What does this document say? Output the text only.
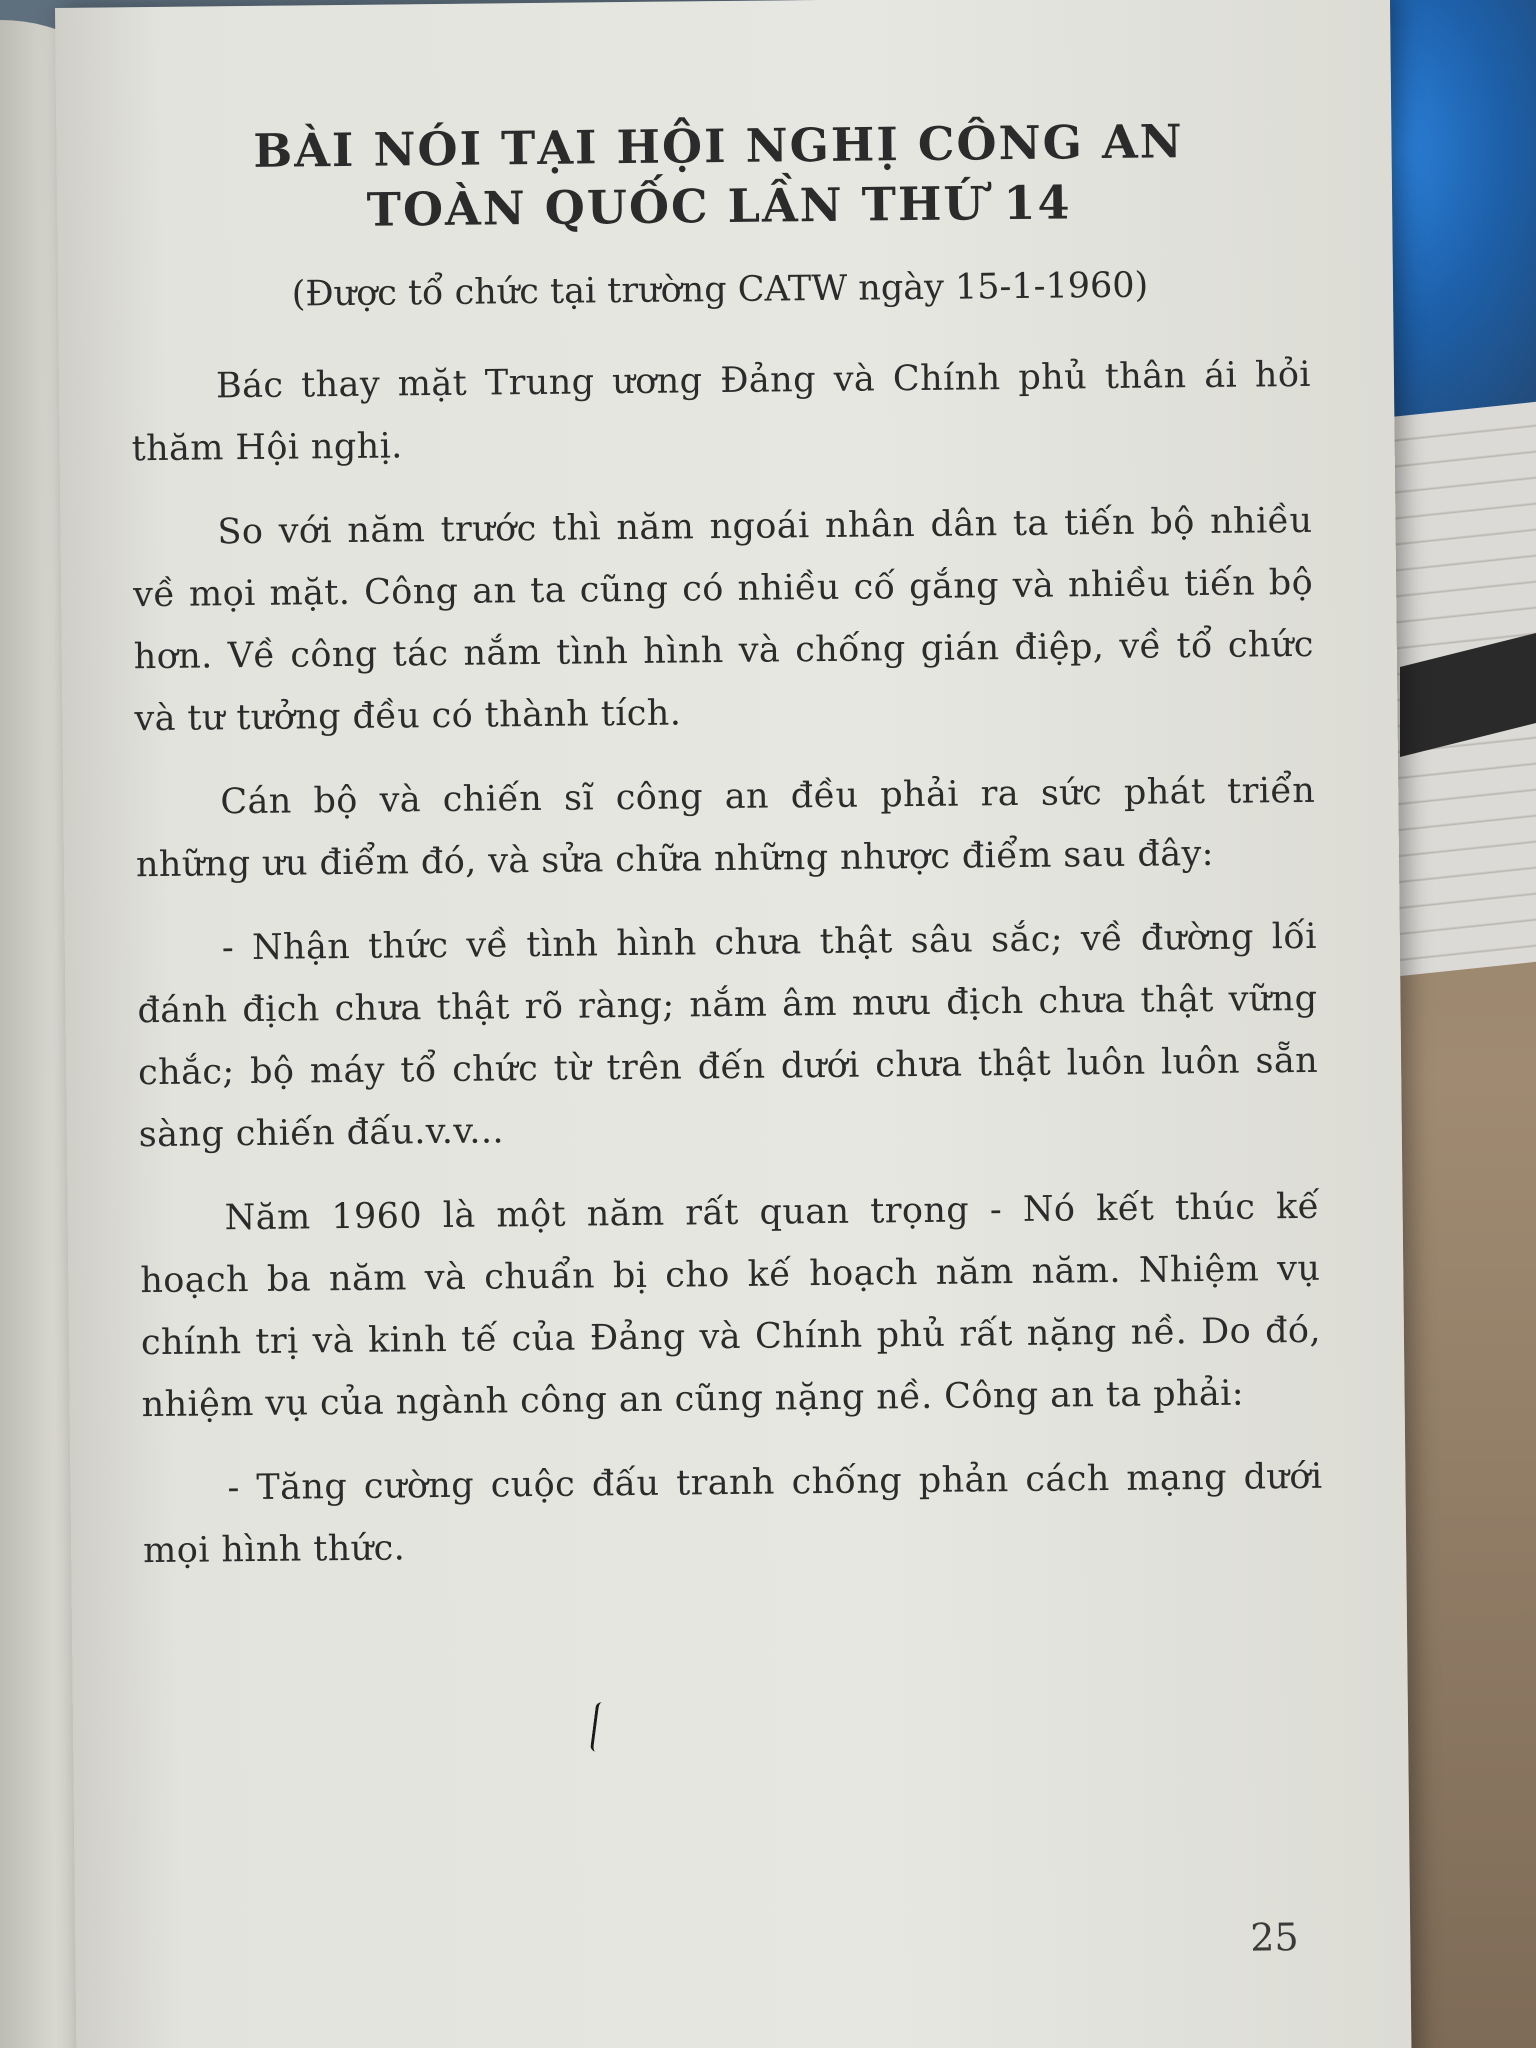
BÀI NÓI TẠI HỘI NGHỊ CÔNG AN
TOÀN QUỐC LẦN THỨ 14
(Được tổ chức tại trường CATW ngày 15-1-1960)

Bác thay mặt Trung ương Đảng và Chính phủ thân ái hỏi thăm Hội nghị.

So với năm trước thì năm ngoái nhân dân ta tiến bộ nhiều về mọi mặt. Công an ta cũng có nhiều cố gắng và nhiều tiến bộ hơn. Về công tác nắm tình hình và chống gián điệp, về tổ chức và tư tưởng đều có thành tích.

Cán bộ và chiến sĩ công an đều phải ra sức phát triển những ưu điểm đó, và sửa chữa những nhược điểm sau đây:

- Nhận thức về tình hình chưa thật sâu sắc; về đường lối đánh địch chưa thật rõ ràng; nắm âm mưu địch chưa thật vững chắc; bộ máy tổ chức từ trên đến dưới chưa thật luôn luôn sẵn sàng chiến đấu.v.v...

Năm 1960 là một năm rất quan trọng - Nó kết thúc kế hoạch ba năm và chuẩn bị cho kế hoạch năm năm. Nhiệm vụ chính trị và kinh tế của Đảng và Chính phủ rất nặng nề. Do đó, nhiệm vụ của ngành công an cũng nặng nề. Công an ta phải:

- Tăng cường cuộc đấu tranh chống phản cách mạng dưới mọi hình thức.

25
